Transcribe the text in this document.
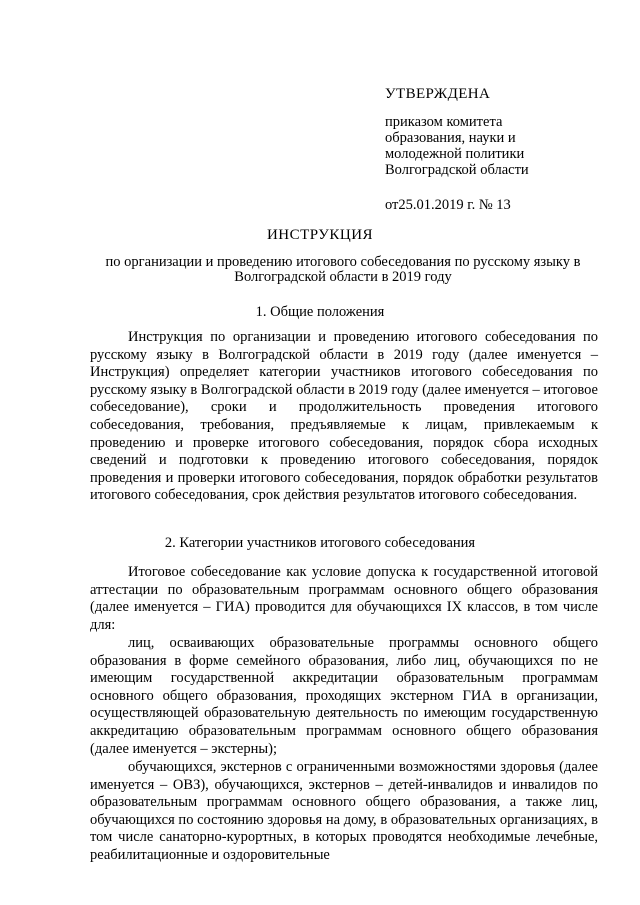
УТВЕРЖДЕНА
приказом комитета
образования, науки и
молодежной политики
Волгоградской области
от25.01.2019 г. № 13
ИНСТРУКЦИЯ
по организации и проведению итогового собеседования по русскому языку в Волгоградской области в 2019 году
1. Общие положения
Инструкция по организации и проведению итогового собеседования по русскому языку в Волгоградской области в 2019 году (далее именуется – Инструкция) определяет категории участников итогового собеседования по русскому языку в Волгоградской области в 2019 году (далее именуется – итоговое собеседование), сроки и продолжительность проведения итогового собеседования, требования, предъявляемые к лицам, привлекаемым к проведению и проверке итогового собеседования, порядок сбора исходных сведений и подготовки к проведению итогового собеседования, порядок проведения и проверки итогового собеседования, порядок обработки результатов итогового собеседования, срок действия результатов итогового собеседования.
2. Категории участников итогового собеседования
Итоговое собеседование как условие допуска к государственной итоговой аттестации по образовательным программам основного общего образования (далее именуется – ГИА) проводится для обучающихся IX классов, в том числе для:
лиц, осваивающих образовательные программы основного общего образования в форме семейного образования, либо лиц, обучающихся по не имеющим государственной аккредитации образовательным программам основного общего образования, проходящих экстерном ГИА в организации, осуществляющей образовательную деятельность по имеющим государственную аккредитацию образовательным программам основного общего образования (далее именуется – экстерны);
обучающихся, экстернов с ограниченными возможностями здоровья (далее именуется – ОВЗ), обучающихся, экстернов – детей-инвалидов и инвалидов по образовательным программам основного общего образования, а также лиц, обучающихся по состоянию здоровья на дому, в образовательных организациях, в том числе санаторно-курортных, в которых проводятся необходимые лечебные, реабилитационные и оздоровительные
